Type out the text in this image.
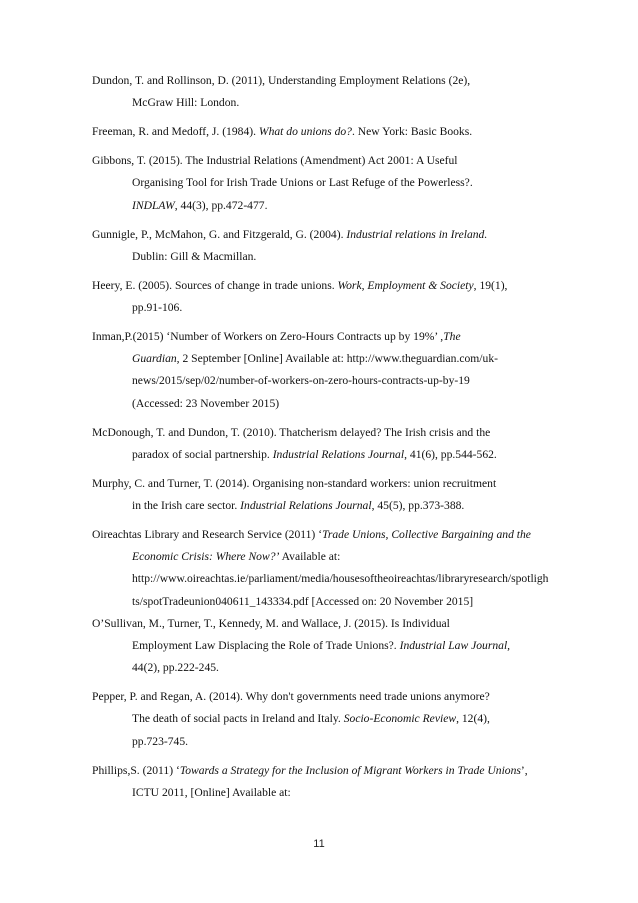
Dundon, T. and Rollinson, D. (2011), Understanding Employment Relations (2e),
McGraw Hill: London.
Freeman, R. and Medoff, J. (1984). What do unions do?. New York: Basic Books.
Gibbons, T. (2015). The Industrial Relations (Amendment) Act 2001: A Useful
Organising Tool for Irish Trade Unions or Last Refuge of the Powerless?.
INDLAW, 44(3), pp.472-477.
Gunnigle, P., McMahon, G. and Fitzgerald, G. (2004). Industrial relations in Ireland.
Dublin: Gill & Macmillan.
Heery, E. (2005). Sources of change in trade unions. Work, Employment & Society, 19(1),
pp.91-106.
Inman,P.(2015) ‘Number of Workers on Zero-Hours Contracts up by 19%’ ,The
Guardian, 2 September [Online] Available at: http://www.theguardian.com/uk-
news/2015/sep/02/number-of-workers-on-zero-hours-contracts-up-by-19
(Accessed: 23 November 2015)
McDonough, T. and Dundon, T. (2010). Thatcherism delayed? The Irish crisis and the
paradox of social partnership. Industrial Relations Journal, 41(6), pp.544-562.
Murphy, C. and Turner, T. (2014). Organising non-standard workers: union recruitment
in the Irish care sector. Industrial Relations Journal, 45(5), pp.373-388.
Oireachtas Library and Research Service (2011) ‘Trade Unions, Collective Bargaining and the
Economic Crisis: Where Now?’ Available at:
http://www.oireachtas.ie/parliament/media/housesoftheoireachtas/libraryresearch/spotligh
ts/spotTradeunion040611_143334.pdf [Accessed on: 20 November 2015]
O’Sullivan, M., Turner, T., Kennedy, M. and Wallace, J. (2015). Is Individual
Employment Law Displacing the Role of Trade Unions?. Industrial Law Journal,
44(2), pp.222-245.
Pepper, P. and Regan, A. (2014). Why don't governments need trade unions anymore?
The death of social pacts in Ireland and Italy. Socio-Economic Review, 12(4),
pp.723-745.
Phillips,S. (2011) ‘Towards a Strategy for the Inclusion of Migrant Workers in Trade Unions’,
ICTU 2011, [Online] Available at:
11
